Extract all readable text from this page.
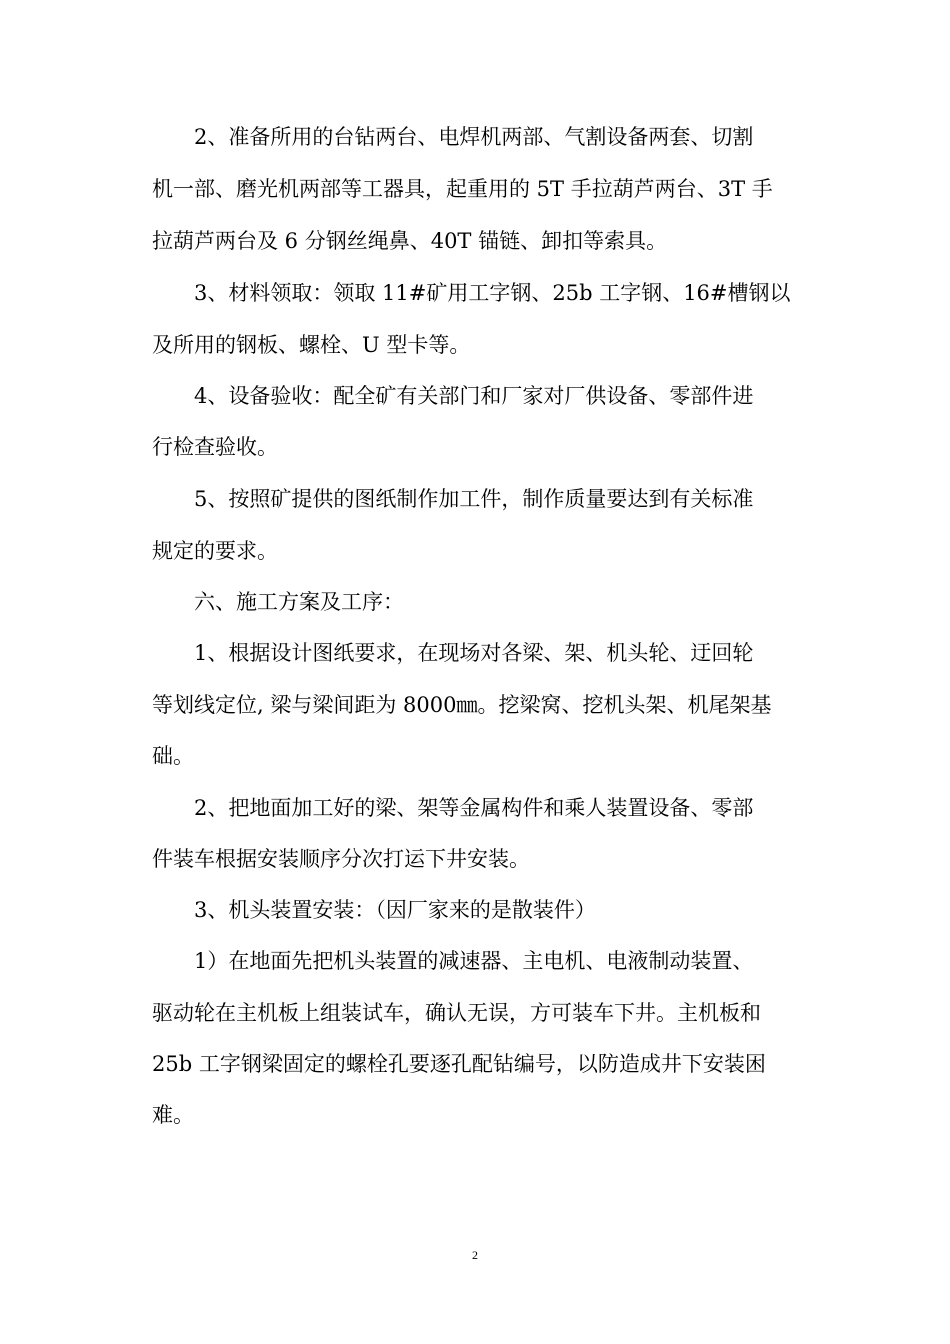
　　2、准备所用的台钻两台、电焊机两部、气割设备两套、切割
机一部、磨光机两部等工器具，起重用的 5T 手拉葫芦两台、3T 手
拉葫芦两台及 6 分钢丝绳鼻、40T 锚链、卸扣等索具。
　　3、材料领取：领取 11#矿用工字钢、25b 工字钢、16#槽钢以
及所用的钢板、螺栓、U 型卡等。
　　4、设备验收：配全矿有关部门和厂家对厂供设备、零部件进
行检查验收。
　　5、按照矿提供的图纸制作加工件，制作质量要达到有关标准
规定的要求。
　　六、施工方案及工序：
　　1、根据设计图纸要求，在现场对各梁、架、机头轮、迂回轮
等划线定位, 梁与梁间距为 8000㎜。挖梁窝、挖机头架、机尾架基
础。
　　2、把地面加工好的梁、架等金属构件和乘人装置设备、零部
件装车根据安装顺序分次打运下井安装。
　　3、机头装置安装：（因厂家来的是散装件）
　　1）在地面先把机头装置的减速器、主电机、电液制动装置、
驱动轮在主机板上组装试车，确认无误，方可装车下井。主机板和
25b 工字钢梁固定的螺栓孔要逐孔配钻编号，以防造成井下安装困
难。
2
